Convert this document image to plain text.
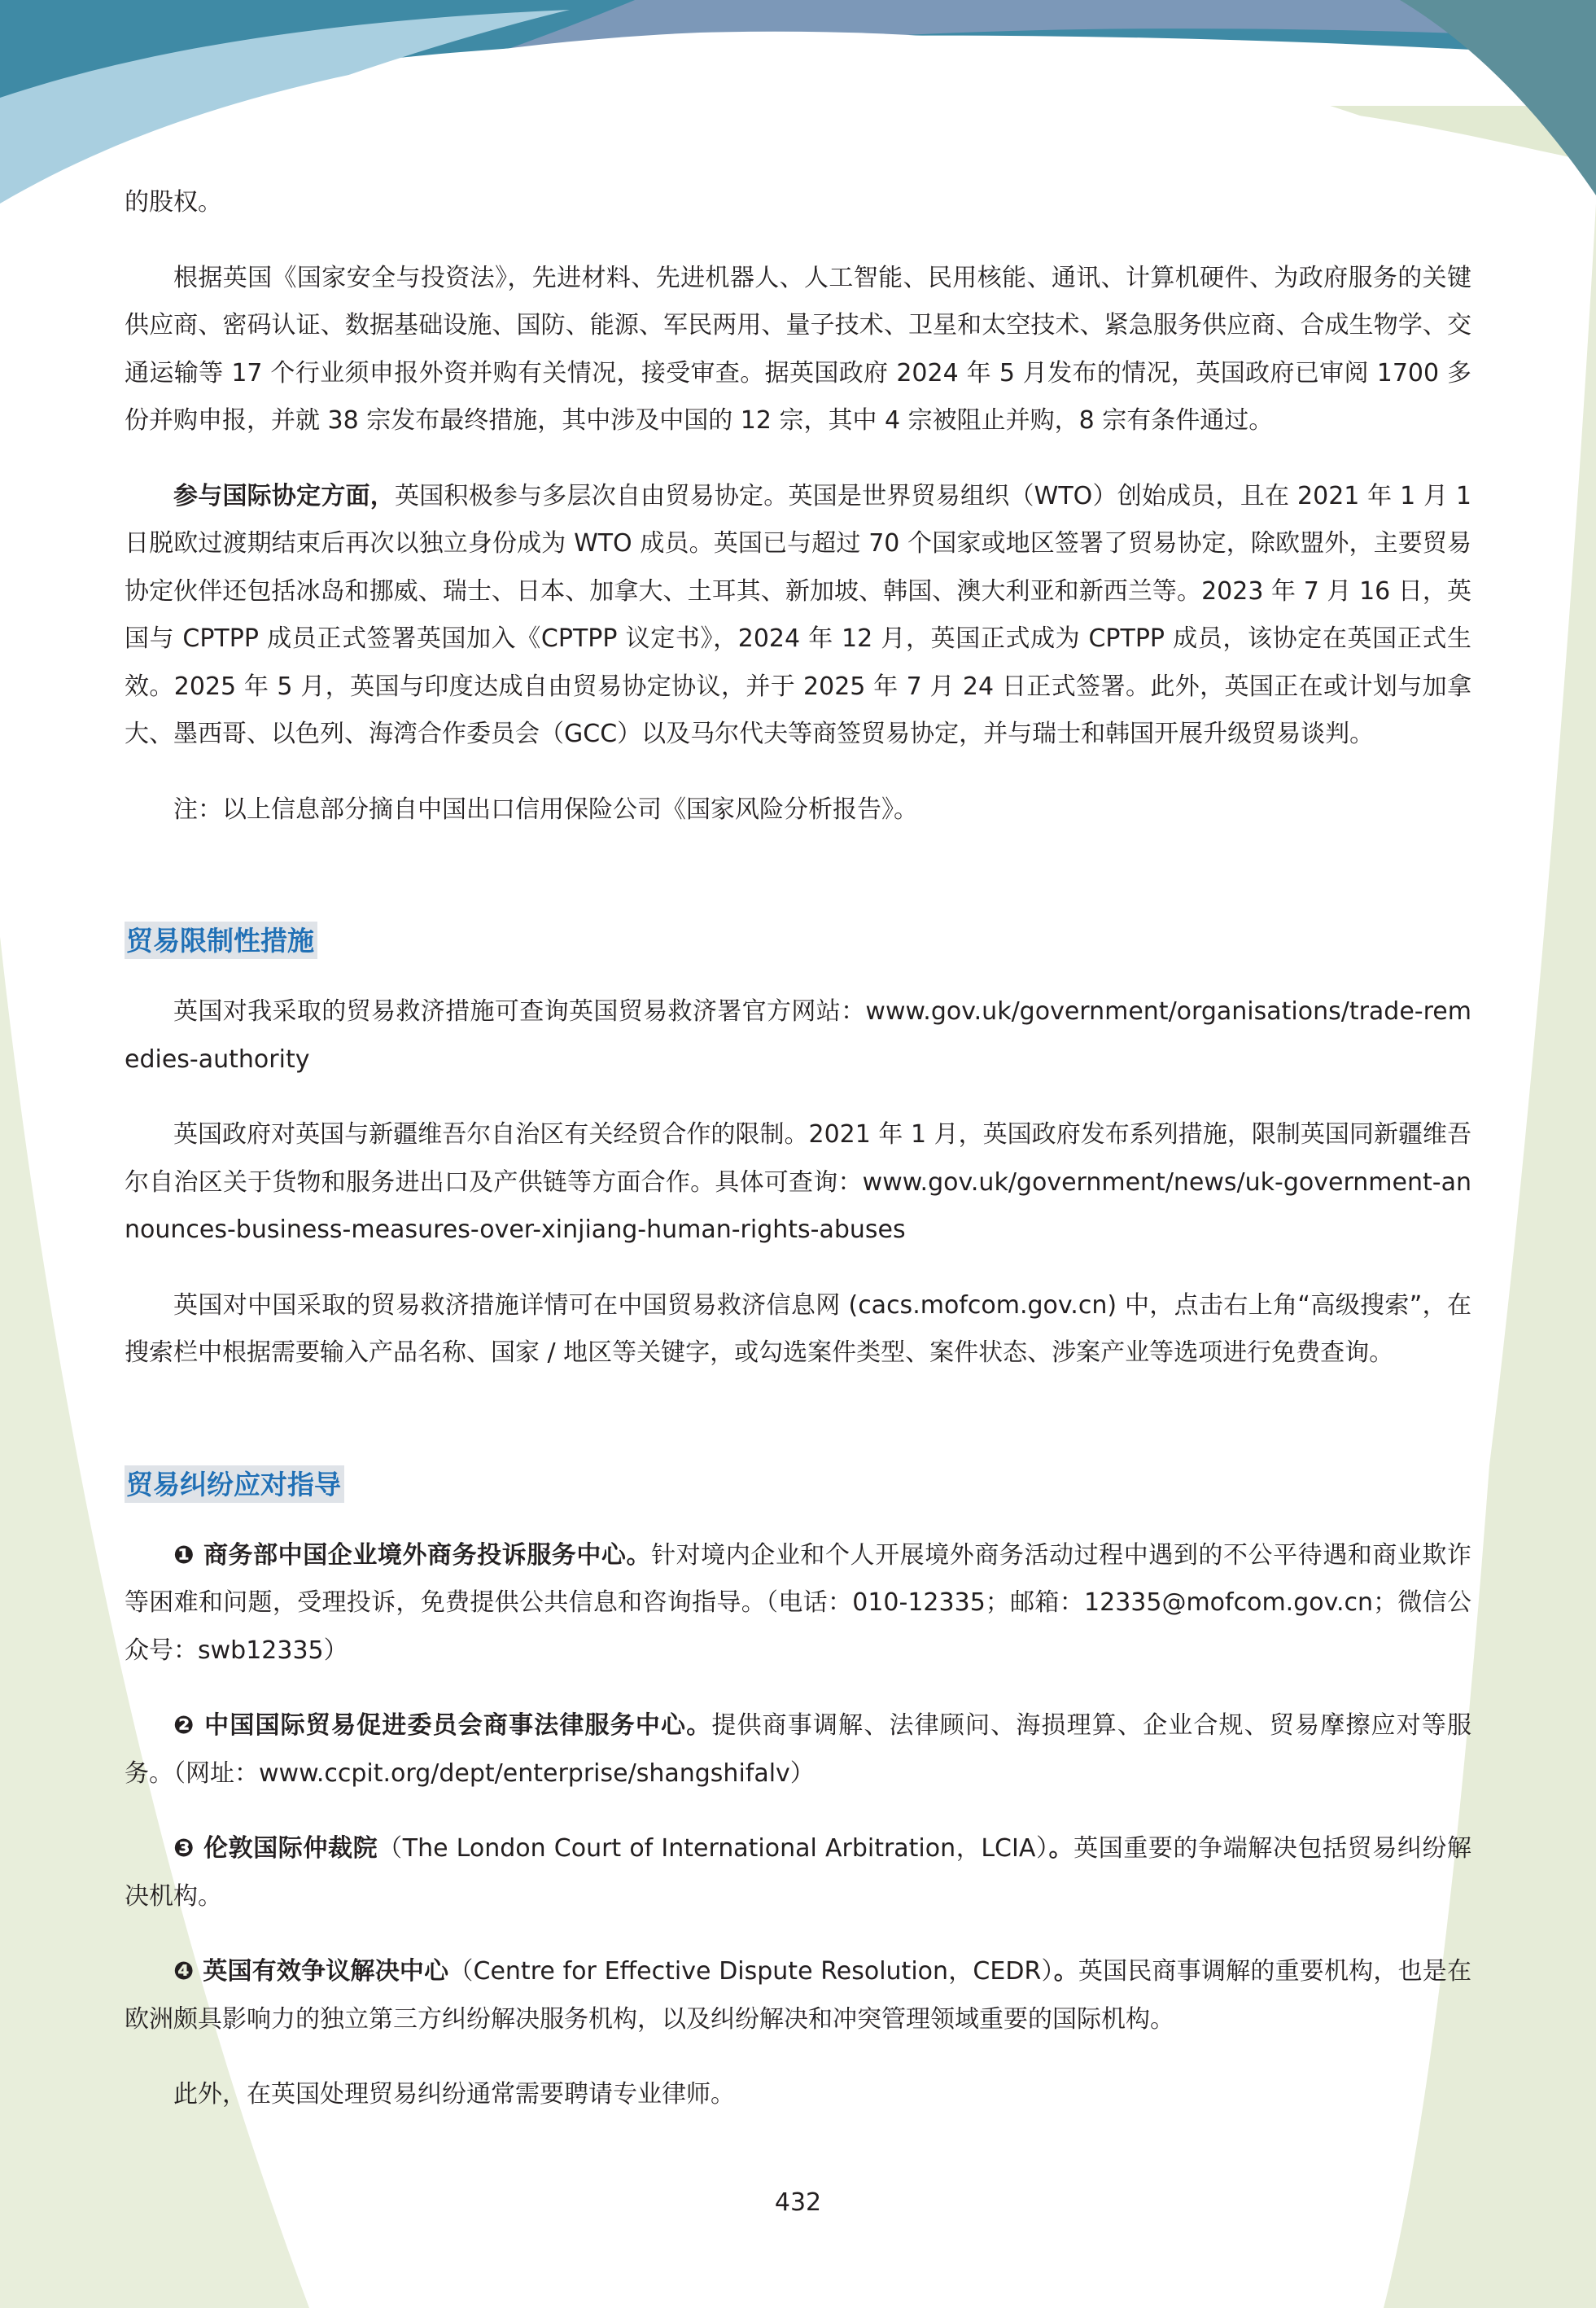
的股权。

根据英国《国家安全与投资法》，先进材料、先进机器人、人工智能、民用核能、通讯、计算机硬件、为政府服务的关键供应商、密码认证、数据基础设施、国防、能源、军民两用、量子技术、卫星和太空技术、紧急服务供应商、合成生物学、交通运输等 17 个行业须申报外资并购有关情况，接受审查。据英国政府 2024 年 5 月发布的情况，英国政府已审阅 1700 多份并购申报，并就 38 宗发布最终措施，其中涉及中国的 12 宗，其中 4 宗被阻止并购，8 宗有条件通过。

参与国际协定方面，英国积极参与多层次自由贸易协定。英国是世界贸易组织（WTO）创始成员，且在 2021 年 1 月 1 日脱欧过渡期结束后再次以独立身份成为 WTO 成员。英国已与超过 70 个国家或地区签署了贸易协定，除欧盟外，主要贸易协定伙伴还包括冰岛和挪威、瑞士、日本、加拿大、土耳其、新加坡、韩国、澳大利亚和新西兰等。2023 年 7 月 16 日，英国与 CPTPP 成员正式签署英国加入《CPTPP 议定书》，2024 年 12 月，英国正式成为 CPTPP 成员，该协定在英国正式生效。2025 年 5 月，英国与印度达成自由贸易协定协议，并于 2025 年 7 月 24 日正式签署。此外，英国正在或计划与加拿大、墨西哥、以色列、海湾合作委员会（GCC）以及马尔代夫等商签贸易协定，并与瑞士和韩国开展升级贸易谈判。

注：以上信息部分摘自中国出口信用保险公司《国家风险分析报告》。

贸易限制性措施

英国对我采取的贸易救济措施可查询英国贸易救济署官方网站：www.gov.uk/government/organisations/trade-remedies-authority

英国政府对英国与新疆维吾尔自治区有关经贸合作的限制。2021 年 1 月，英国政府发布系列措施，限制英国同新疆维吾尔自治区关于货物和服务进出口及产供链等方面合作。具体可查询：www.gov.uk/government/news/uk-government-announces-business-measures-over-xinjiang-human-rights-abuses

英国对中国采取的贸易救济措施详情可在中国贸易救济信息网 (cacs.mofcom.gov.cn) 中，点击右上角“高级搜索”，在搜索栏中根据需要输入产品名称、国家 / 地区等关键字，或勾选案件类型、案件状态、涉案产业等选项进行免费查询。

贸易纠纷应对指导

❶ 商务部中国企业境外商务投诉服务中心。针对境内企业和个人开展境外商务活动过程中遇到的不公平待遇和商业欺诈等困难和问题，受理投诉，免费提供公共信息和咨询指导。（电话：010-12335；邮箱：12335@mofcom.gov.cn；微信公众号：swb12335）

❷ 中国国际贸易促进委员会商事法律服务中心。提供商事调解、法律顾问、海损理算、企业合规、贸易摩擦应对等服务。（网址：www.ccpit.org/dept/enterprise/shangshifalv）

❸ 伦敦国际仲裁院（The London Court of International Arbitration，LCIA）。英国重要的争端解决包括贸易纠纷解决机构。

❹ 英国有效争议解决中心（Centre for Effective Dispute Resolution，CEDR）。英国民商事调解的重要机构，也是在欧洲颇具影响力的独立第三方纠纷解决服务机构，以及纠纷解决和冲突管理领域重要的国际机构。

此外，在英国处理贸易纠纷通常需要聘请专业律师。

432
